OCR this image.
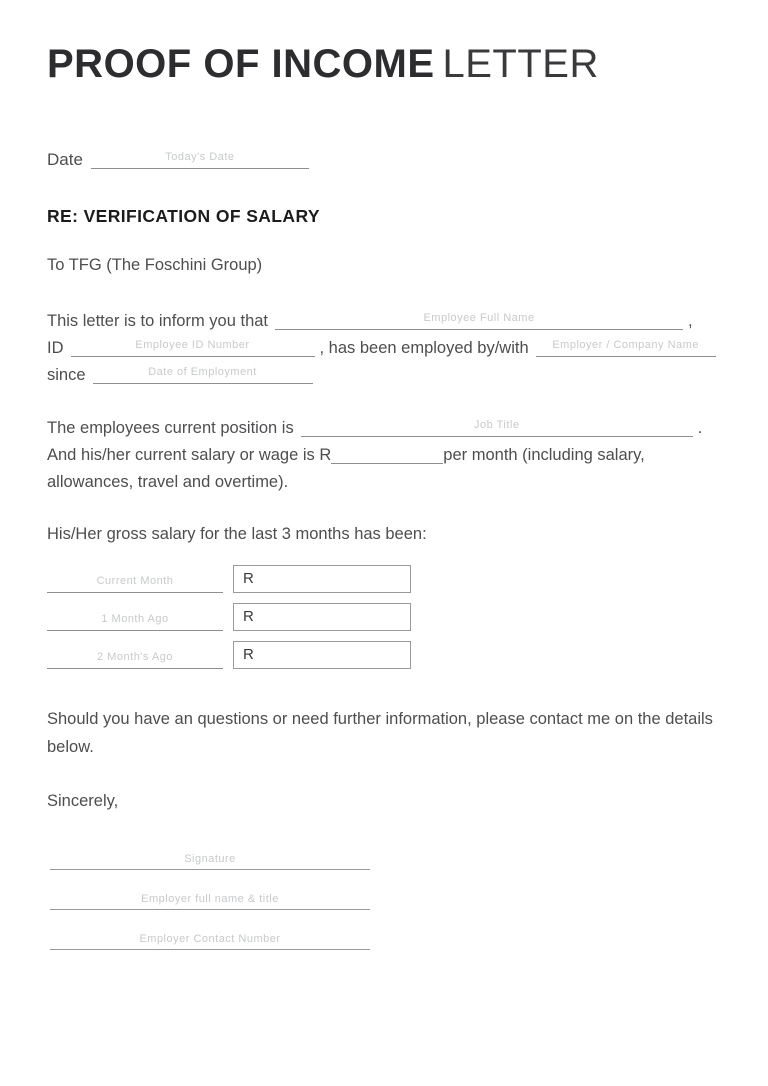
PROOF OF INCOME LETTER
Date	Today's Date
RE: VERIFICATION OF SALARY
To TFG (The Foschini Group)
This letter is to inform you that	Employee Full Name	,
ID	Employee ID Number	, has been employed by/with Employer / Company Name
since	Date of Employment
The employees current position is	Job Title	.
And his/her current salary or wage is R	per month (including salary,
allowances, travel and overtime).
His/Her gross salary for the last 3 months has been:
Current Month	R
1 Month Ago	R
2 Month's Ago	R
Should you have an questions or need further information, please contact me on the details below.
Sincerely,
Signature
Employer full name & title
Employer Contact Number
